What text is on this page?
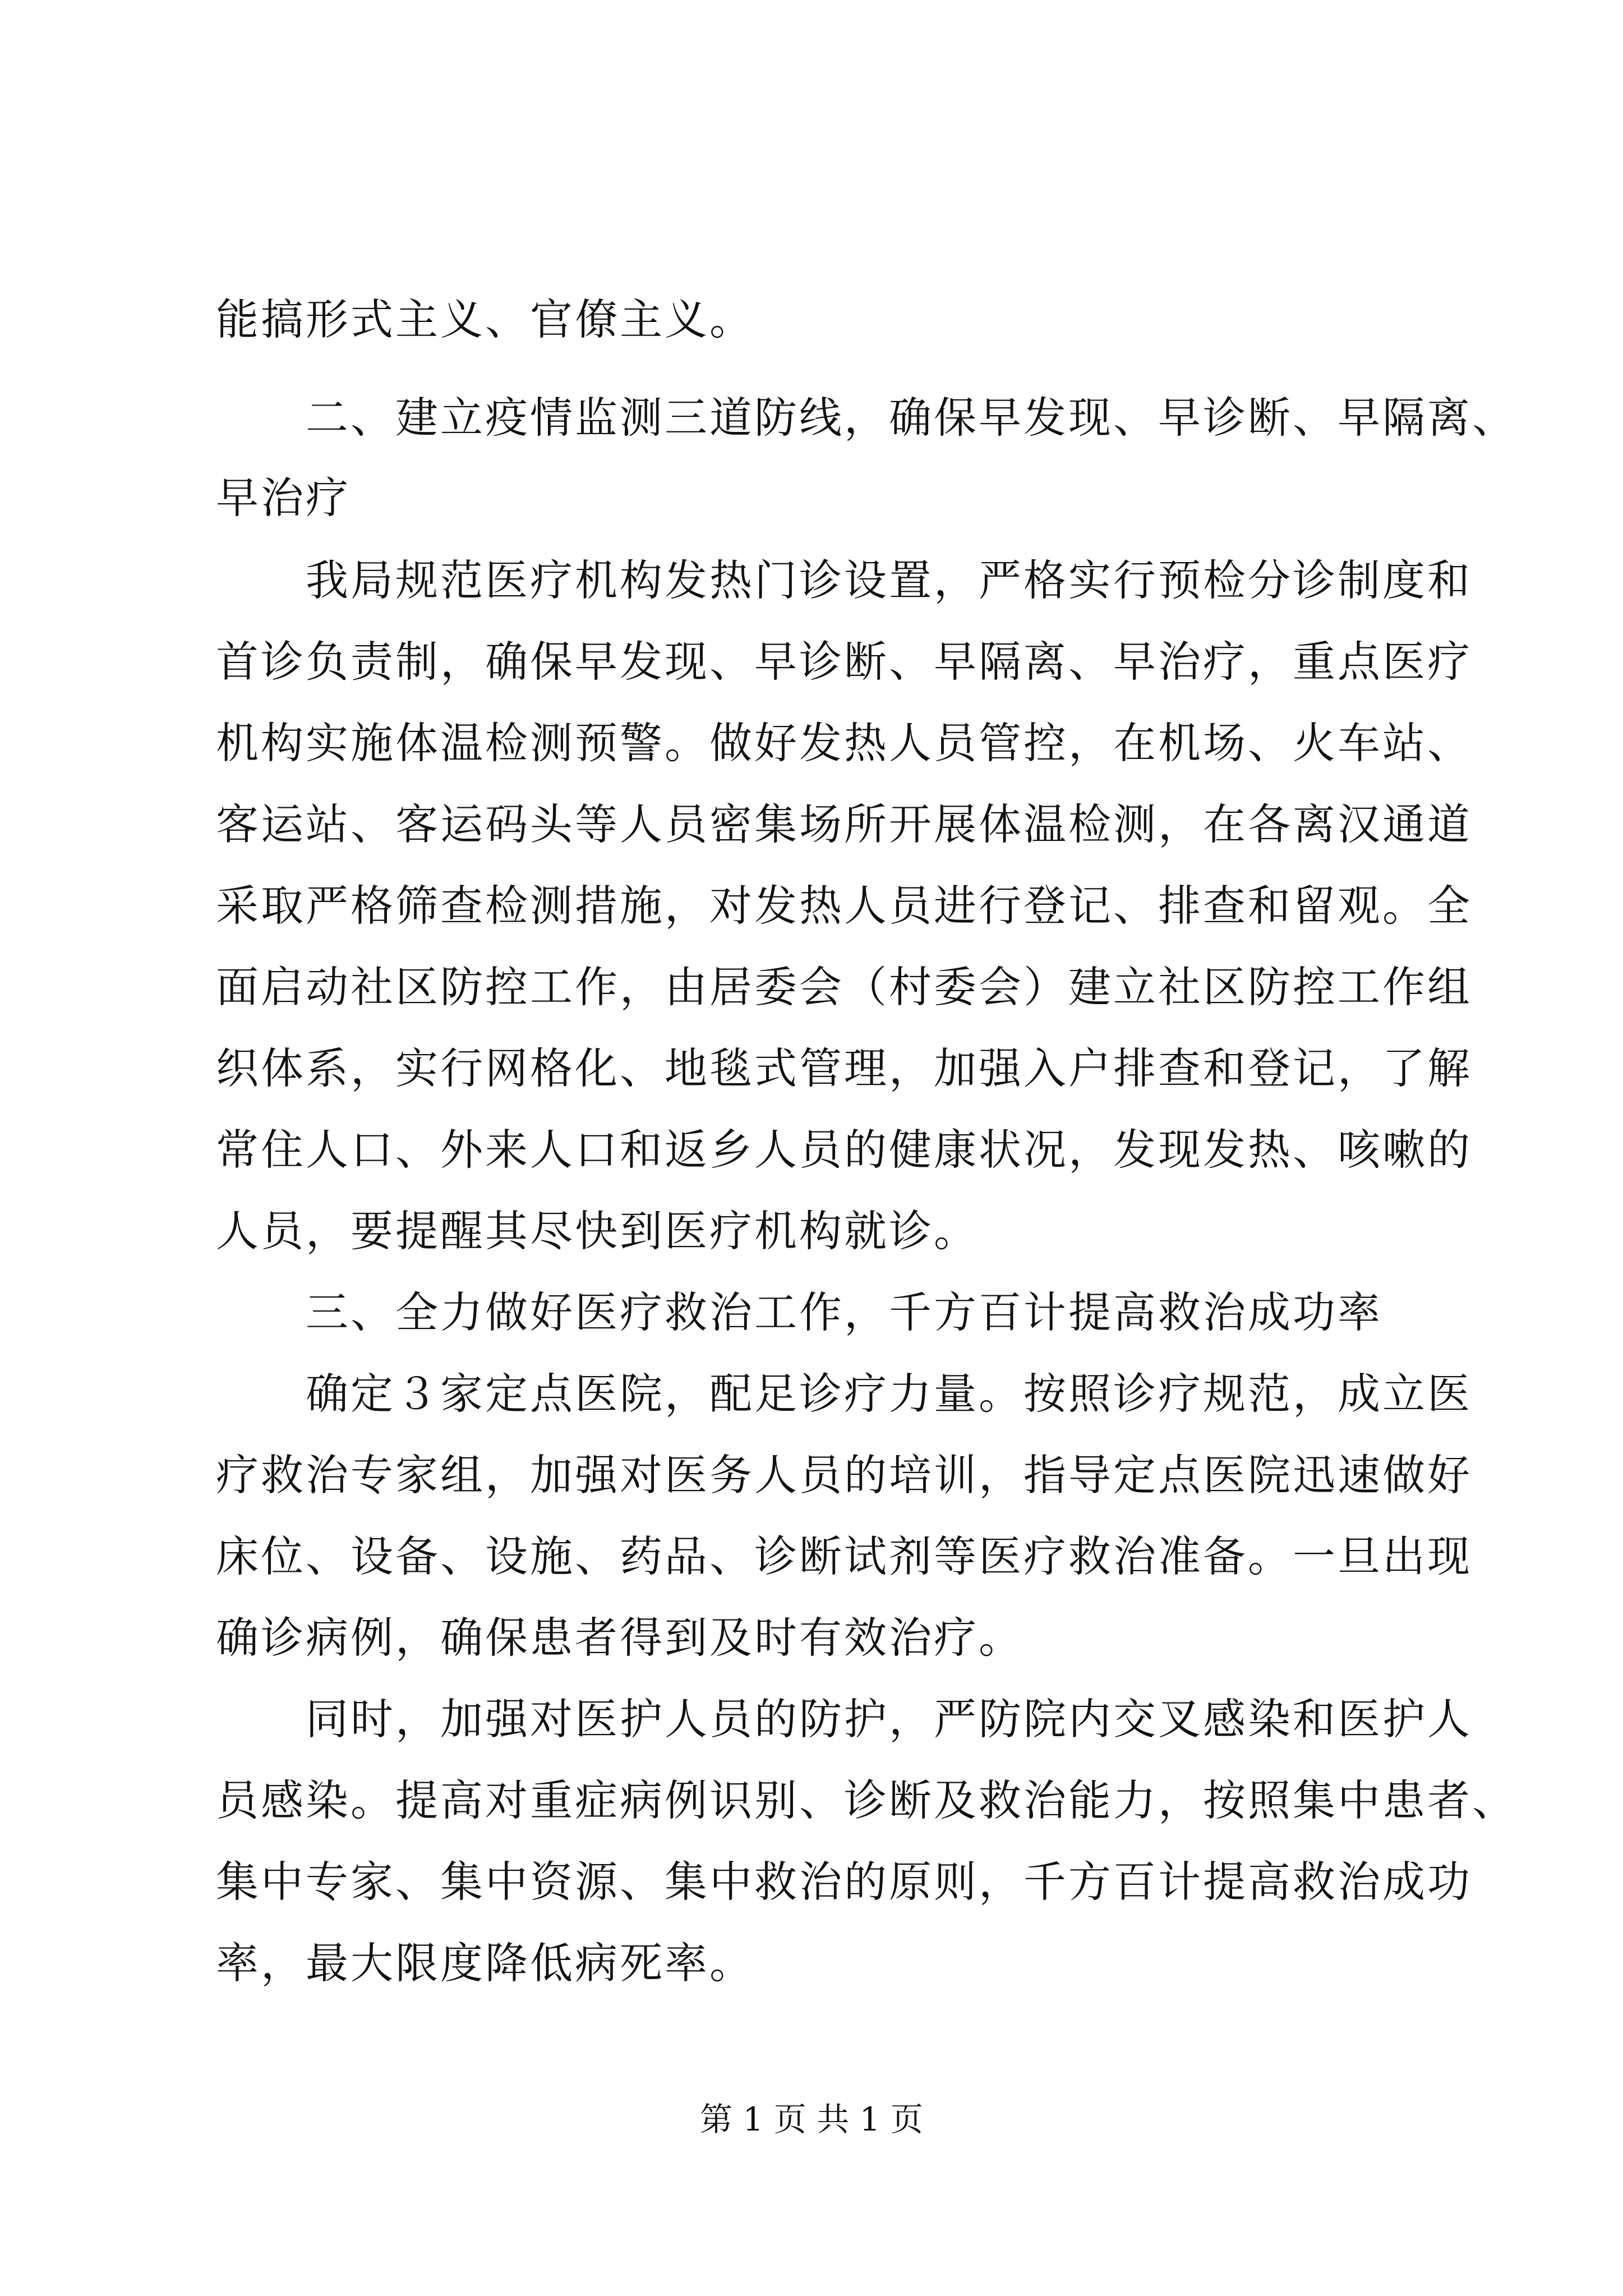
能搞形式主义、官僚主义。
二、建立疫情监测三道防线，确保早发现、早诊断、早隔离、
早治疗
我局规范医疗机构发热门诊设置，严格实行预检分诊制度和
首诊负责制，确保早发现、早诊断、早隔离、早治疗，重点医疗
机构实施体温检测预警。做好发热人员管控，在机场、火车站、
客运站、客运码头等人员密集场所开展体温检测，在各离汉通道
采取严格筛查检测措施，对发热人员进行登记、排查和留观。全
面启动社区防控工作，由居委会（村委会）建立社区防控工作组
织体系，实行网格化、地毯式管理，加强入户排查和登记，了解
常住人口、外来人口和返乡人员的健康状况，发现发热、咳嗽的
人员，要提醒其尽快到医疗机构就诊。
三、全力做好医疗救治工作，千方百计提高救治成功率
确定３家定点医院，配足诊疗力量。按照诊疗规范，成立医
疗救治专家组，加强对医务人员的培训，指导定点医院迅速做好
床位、设备、设施、药品、诊断试剂等医疗救治准备。一旦出现
确诊病例，确保患者得到及时有效治疗。
同时，加强对医护人员的防护，严防院内交叉感染和医护人
员感染。提高对重症病例识别、诊断及救治能力，按照集中患者、
集中专家、集中资源、集中救治的原则，千方百计提高救治成功
率，最大限度降低病死率。
第 1 页 共 1 页
